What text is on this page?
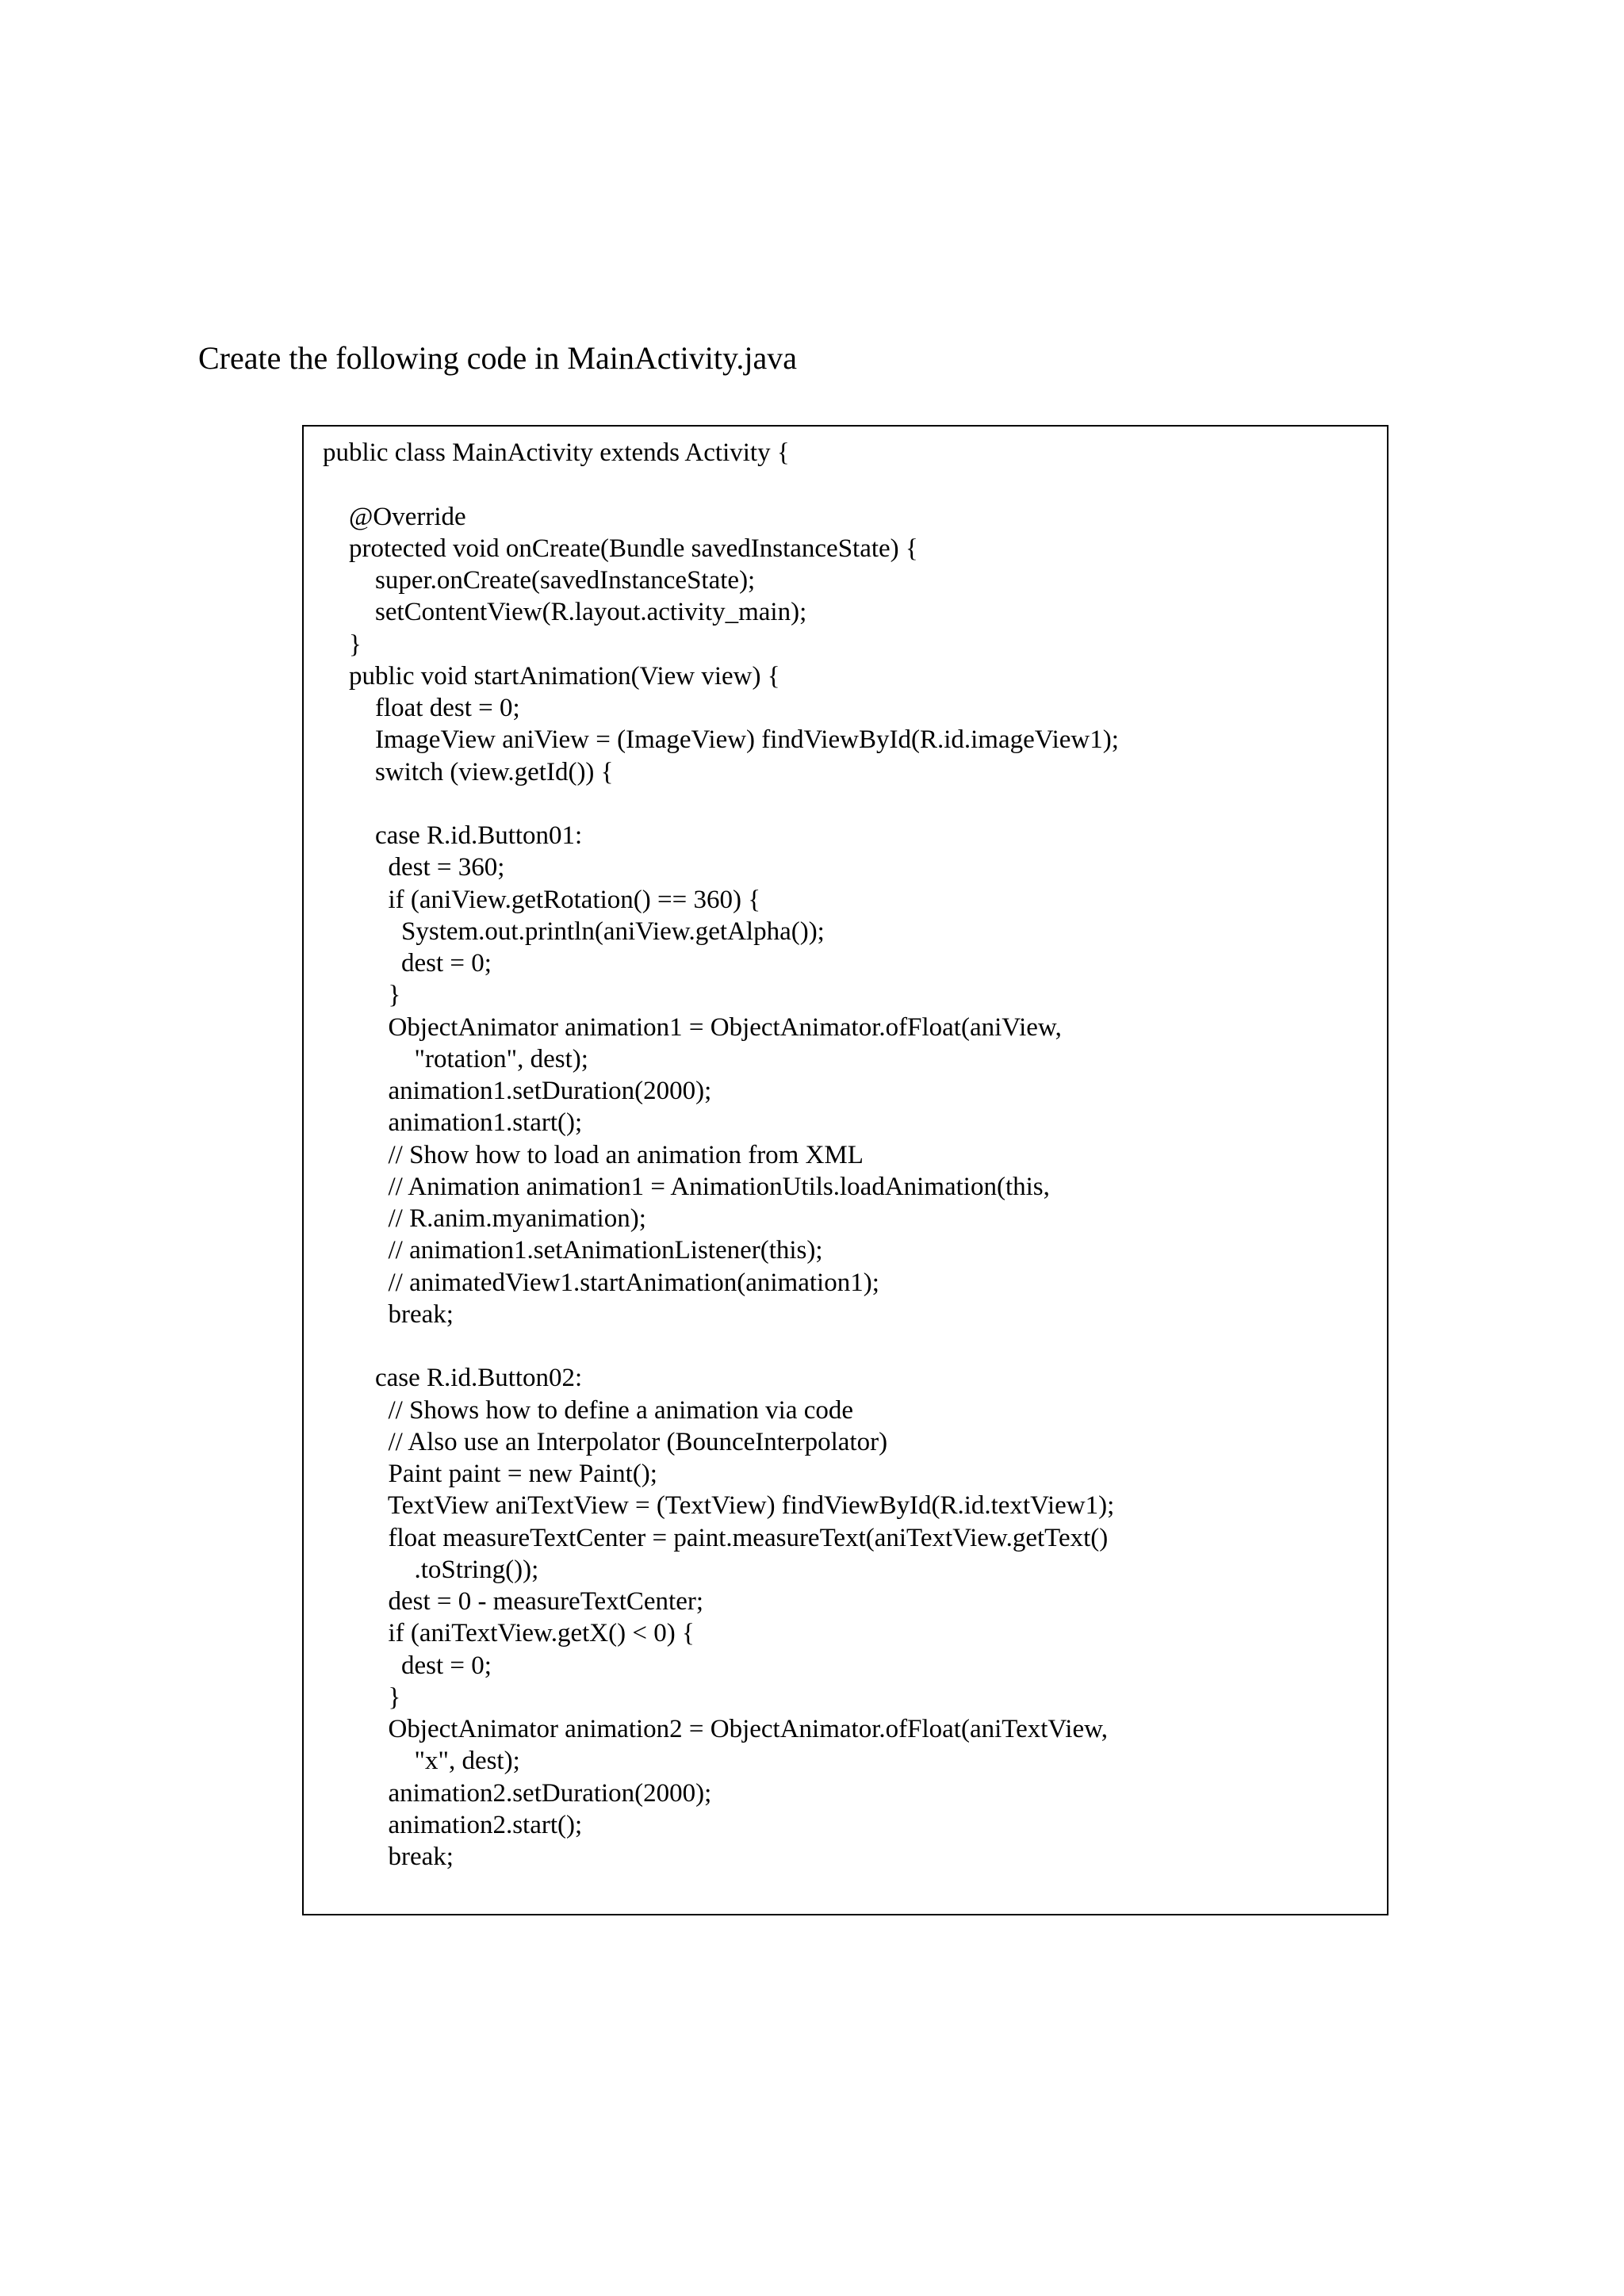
Create the following code in MainActivity.java

public class MainActivity extends Activity {
@Override
protected void onCreate(Bundle savedInstanceState) {
super.onCreate(savedInstanceState);
setContentView(R.layout.activity_main);
}
public void startAnimation(View view) {
float dest = 0;
ImageView aniView = (ImageView) findViewById(R.id.imageView1);
switch (view.getId()) {
case R.id.Button01:
dest = 360;
if (aniView.getRotation() == 360) {
System.out.println(aniView.getAlpha());
dest = 0;
}
ObjectAnimator animation1 = ObjectAnimator.ofFloat(aniView,
"rotation", dest);
animation1.setDuration(2000);
animation1.start();
// Show how to load an animation from XML
// Animation animation1 = AnimationUtils.loadAnimation(this,
// R.anim.myanimation);
// animation1.setAnimationListener(this);
// animatedView1.startAnimation(animation1);
break;
case R.id.Button02:
// Shows how to define a animation via code
// Also use an Interpolator (BounceInterpolator)
Paint paint = new Paint();
TextView aniTextView = (TextView) findViewById(R.id.textView1);
float measureTextCenter = paint.measureText(aniTextView.getText()
.toString());
dest = 0 - measureTextCenter;
if (aniTextView.getX() < 0) {
dest = 0;
}
ObjectAnimator animation2 = ObjectAnimator.ofFloat(aniTextView,
"x", dest);
animation2.setDuration(2000);
animation2.start();
break;
